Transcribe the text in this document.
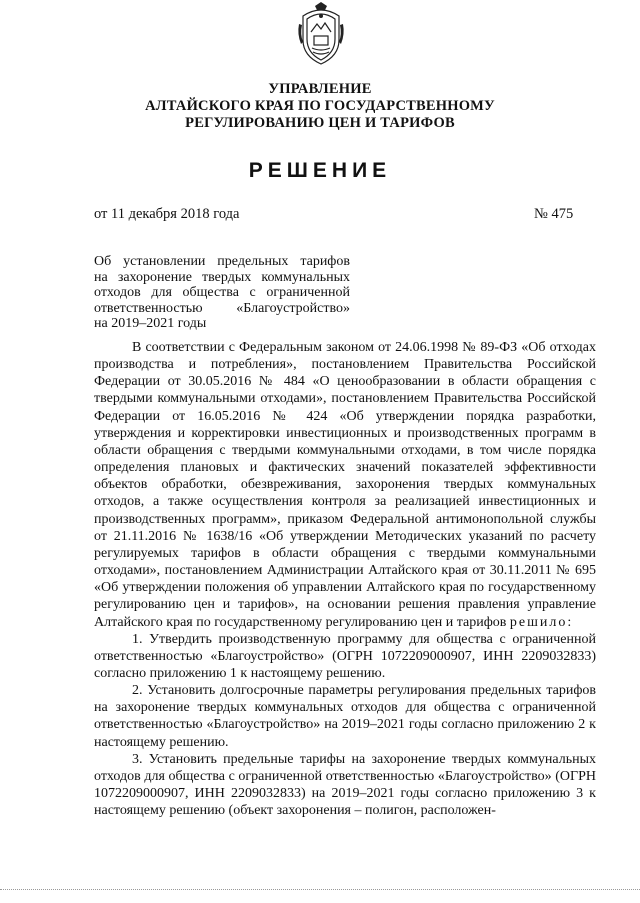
УПРАВЛЕНИЕ
АЛТАЙСКОГО КРАЯ ПО ГОСУДАРСТВЕННОМУ
РЕГУЛИРОВАНИЮ ЦЕН И ТАРИФОВ
РЕШЕНИЕ
от 11 декабря 2018 года	№ 475
Об установлении предельных тарифов
на захоронение твердых коммунальных
отходов для общества с ограниченной
ответственностью «Благоустройство»
на 2019–2021 годы

В соответствии с Федеральным законом от 24.06.1998 № 89-ФЗ «Об отходах производства и потребления», постановлением Правительства Российской Федерации от 30.05.2016 № 484 «О ценообразовании в области обращения с твердыми коммунальными отходами», постановлением Правительства Российской Федерации от 16.05.2016 № 424 «Об утверждении порядка разработки, утверждения и корректировки инвестиционных и производственных программ в области обращения с твердыми коммунальными отходами, в том числе порядка определения плановых и фактических значений показателей эффективности объектов обработки, обезвреживания, захоронения твердых коммунальных отходов, а также осуществления контроля за реализацией инвестиционных и производственных программ», приказом Федеральной антимонопольной службы от 21.11.2016 № 1638/16 «Об утверждении Методических указаний по расчету регулируемых тарифов в области обращения с твердыми коммунальными отходами», постановлением Администрации Алтайского края от 30.11.2011 № 695 «Об утверждении положения об управлении Алтайского края по государственному регулированию цен и тарифов», на основании решения правления управление Алтайского края по государственному регулированию цен и тарифов решило:

1. Утвердить производственную программу для общества с ограниченной ответственностью «Благоустройство» (ОГРН 1072209000907, ИНН 2209032833) согласно приложению 1 к настоящему решению.

2. Установить долгосрочные параметры регулирования предельных тарифов на захоронение твердых коммунальных отходов для общества с ограниченной ответственностью «Благоустройство» на 2019–2021 годы согласно приложению 2 к настоящему решению.

3. Установить предельные тарифы на захоронение твердых коммунальных отходов для общества с ограниченной ответственностью «Благоустройство» (ОГРН 1072209000907, ИНН 2209032833) на 2019–2021 годы согласно приложению 3 к настоящему решению (объект захоронения – полигон, расположен-
